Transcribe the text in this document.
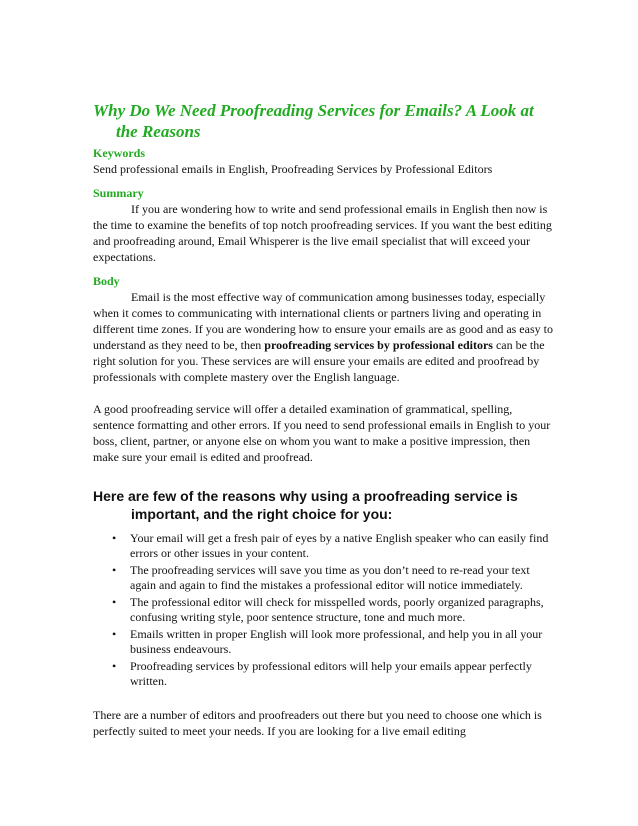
Why Do We Need Proofreading Services for Emails? A Look at the Reasons

Keywords

Send professional emails in English, Proofreading Services by Professional Editors

Summary

If you are wondering how to write and send professional emails in English then now is the time to examine the benefits of top notch proofreading services. If you want the best editing and proofreading around, Email Whisperer is the live email specialist that will exceed your expectations.

Body

Email is the most effective way of communication among businesses today, especially when it comes to communicating with international clients or partners living and operating in different time zones. If you are wondering how to ensure your emails are as good and as easy to understand as they need to be, then proofreading services by professional editors can be the right solution for you. These services are will ensure your emails are edited and proofread by professionals with complete mastery over the English language.

A good proofreading service will offer a detailed examination of grammatical, spelling, sentence formatting and other errors. If you need to send professional emails in English to your boss, client, partner, or anyone else on whom you want to make a positive impression, then make sure your email is edited and proofread.

Here are few of the reasons why using a proofreading service is important, and the right choice for you:
• Your email will get a fresh pair of eyes by a native English speaker who can easily find errors or other issues in your content.
• The proofreading services will save you time as you don’t need to re-read your text again and again to find the mistakes a professional editor will notice immediately.
• The professional editor will check for misspelled words, poorly organized paragraphs, confusing writing style, poor sentence structure, tone and much more.
• Emails written in proper English will look more professional, and help you in all your business endeavours.
• Proofreading services by professional editors will help your emails appear perfectly written.

There are a number of editors and proofreaders out there but you need to choose one which is perfectly suited to meet your needs. If you are looking for a live email editing
